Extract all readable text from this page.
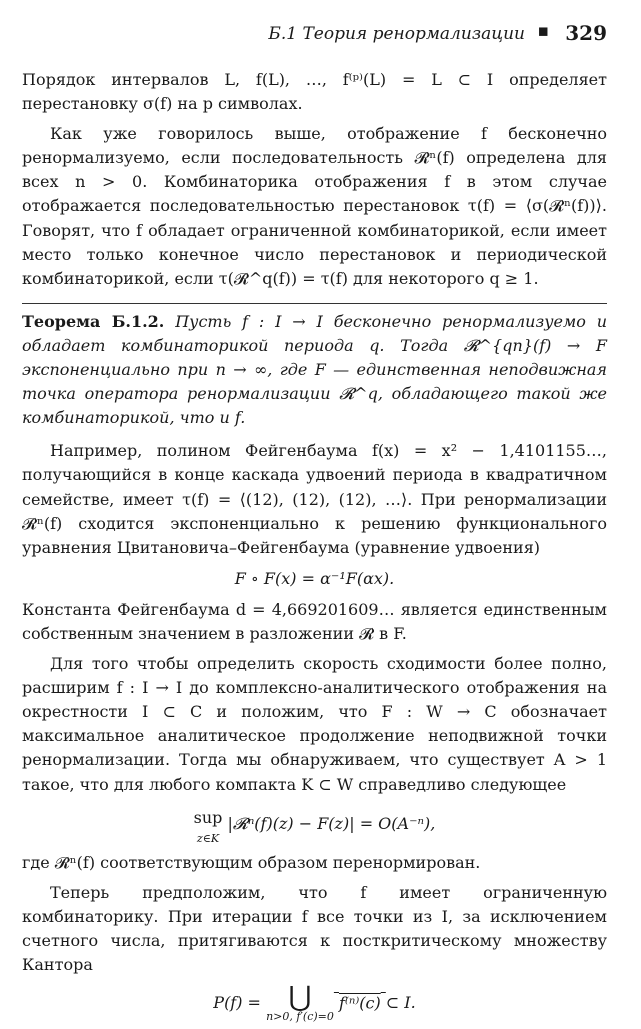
Б.1 Теория ренормализации ▪ 329

Порядок интервалов L, f(L), …, f⁽ᵖ⁾(L) = L ⊂ I определяет перестановку σ(f) на p символах.

Как уже говорилось выше, отображение f бесконечно ренормализуемо, если последовательность 𝓡ⁿ(f) определена для всех n > 0. Комбинаторика отображения f в этом случае отображается последовательностью перестановок τ(f) = ⟨σ(𝓡ⁿ(f))⟩. Говорят, что f обладает ограниченной комбинаторикой, если имеет место только конечное число перестановок и периодической комбинаторикой, если τ(𝓡^q(f)) = τ(f) для некоторого q ≥ 1.

Теорема Б.1.2. Пусть f : I → I бесконечно ренормализуемо и обладает комбинаторикой периода q. Тогда 𝓡^{qn}(f) → F экспоненциально при n → ∞, где F — единственная неподвижная точка оператора ренормализации 𝓡^q, обладающего такой же комбинаторикой, что и f.

Например, полином Фейгенбаума f(x) = x² − 1,4101155…, получающийся в конце каскада удвоений периода в квадратичном семействе, имеет τ(f) = ⟨(12), (12), (12), …⟩. При ренормализации 𝓡ⁿ(f) сходится экспоненциально к решению функционального уравнения Цвитановича–Фейгенбаума (уравнение удвоения)

F ∘ F(x) = α⁻¹F(αx).

Константа Фейгенбаума d = 4,669201609… является единственным собственным значением в разложении 𝓡 в F.

Для того чтобы определить скорость сходимости более полно, расширим f : I → I до комплексно-аналитического отображения на окрестности I ⊂ C и положим, что F : W → C обозначает максимальное аналитическое продолжение неподвижной точки ренормализации. Тогда мы обнаруживаем, что существует A > 1 такое, что для любого компакта K ⊂ W справедливо следующее

sup
z∈K
|𝓡ⁿ(f)(z) − F(z)| = O(A⁻ⁿ),

где 𝓡ⁿ(f) соответствующим образом перенормирован.

Теперь предположим, что f имеет ограниченную комбинаторику. При итерации f все точки из I, за исключением счетного числа, притягиваются к посткритическому множеству Кантора

P(f) = ⋃
n>0, f′(c)=0
f⁽ⁿ⁾(c) ⊂ I.
